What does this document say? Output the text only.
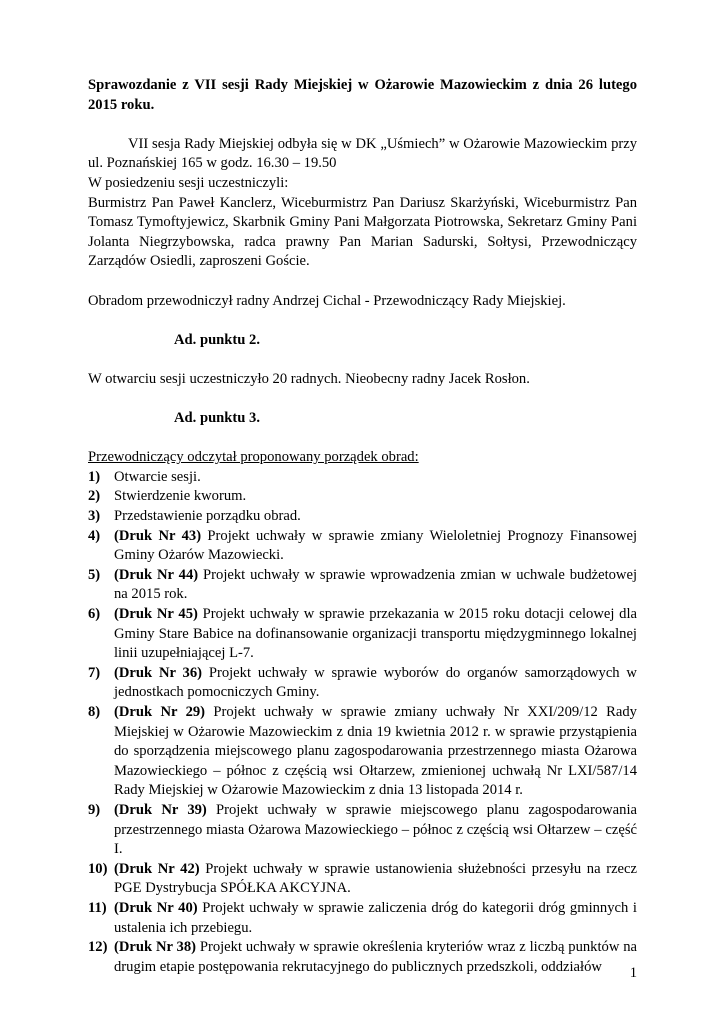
Sprawozdanie z VII sesji Rady Miejskiej w Ożarowie Mazowieckim z dnia 26 lutego 2015 roku.

VII sesja Rady Miejskiej odbyła się w DK „Uśmiech” w Ożarowie Mazowieckim przy ul. Poznańskiej 165 w godz. 16.30 – 19.50

W posiedzeniu sesji uczestniczyli:

Burmistrz Pan Paweł Kanclerz, Wiceburmistrz Pan Dariusz Skarżyński, Wiceburmistrz Pan Tomasz Tymoftyjewicz, Skarbnik Gminy Pani Małgorzata Piotrowska, Sekretarz Gminy Pani Jolanta Niegrzybowska, radca prawny Pan Marian Sadurski, Sołtysi, Przewodniczący Zarządów Osiedli, zaproszeni Goście.

Obradom przewodniczył radny Andrzej Cichal - Przewodniczący Rady Miejskiej.

Ad. punktu 2.

W otwarciu sesji uczestniczyło 20 radnych. Nieobecny radny Jacek Rosłon.

Ad. punktu 3.

Przewodniczący odczytał proponowany porządek obrad:

1) Otwarcie sesji.
2) Stwierdzenie kworum.
3) Przedstawienie porządku obrad.
4) (Druk Nr 43) Projekt uchwały w sprawie zmiany Wieloletniej Prognozy Finansowej Gminy Ożarów Mazowiecki.
5) (Druk Nr 44) Projekt uchwały w sprawie wprowadzenia zmian w uchwale budżetowej na 2015 rok.
6) (Druk Nr 45) Projekt uchwały w sprawie przekazania w 2015 roku dotacji celowej dla Gminy Stare Babice na dofinansowanie organizacji transportu międzygminnego lokalnej linii uzupełniającej L-7.
7) (Druk Nr 36) Projekt uchwały w sprawie wyborów do organów samorządowych w jednostkach pomocniczych Gminy.
8) (Druk Nr 29) Projekt uchwały w sprawie zmiany uchwały Nr XXI/209/12 Rady Miejskiej w Ożarowie Mazowieckim z dnia 19 kwietnia 2012 r. w sprawie przystąpienia do sporządzenia miejscowego planu zagospodarowania przestrzennego miasta Ożarowa Mazowieckiego – północ z częścią wsi Ołtarzew, zmienionej uchwałą Nr LXI/587/14 Rady Miejskiej w Ożarowie Mazowieckim z dnia 13 listopada 2014 r.
9) (Druk Nr 39) Projekt uchwały w sprawie miejscowego planu zagospodarowania przestrzennego miasta Ożarowa Mazowieckiego – północ z częścią wsi Ołtarzew – część I.
10) (Druk Nr 42) Projekt uchwały w sprawie ustanowienia służebności przesyłu na rzecz PGE Dystrybucja SPÓŁKA AKCYJNA.
11) (Druk Nr 40) Projekt uchwały w sprawie zaliczenia dróg do kategorii dróg gminnych i ustalenia ich przebiegu.
12) (Druk Nr 38) Projekt uchwały w sprawie określenia kryteriów wraz z liczbą punktów na drugim etapie postępowania rekrutacyjnego do publicznych przedszkoli, oddziałów	1
